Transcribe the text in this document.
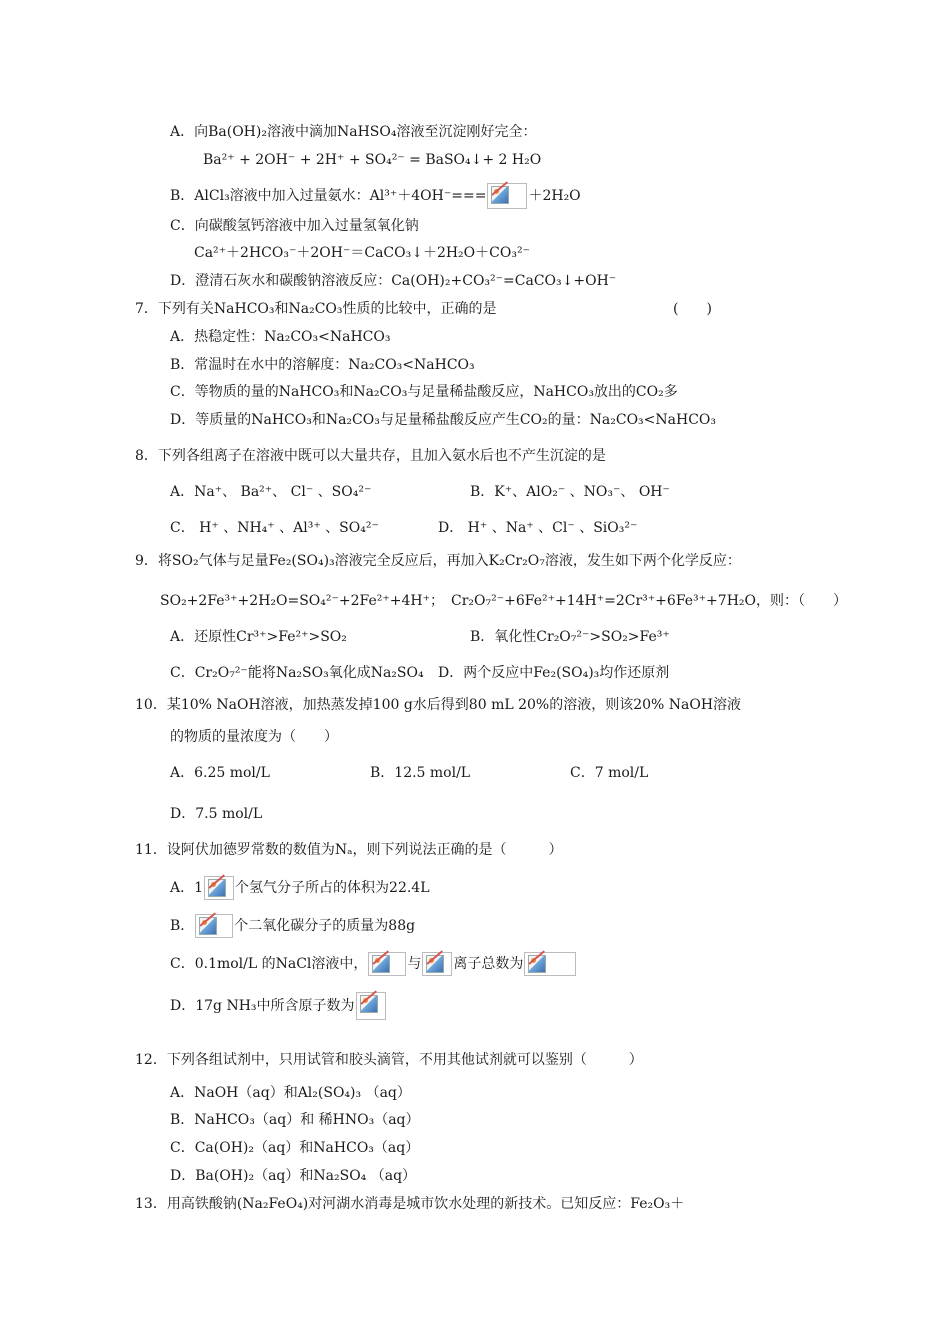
A．向Ba(OH)₂溶液中滴加NaHSO₄溶液至沉淀刚好完全：
Ba²⁺ + 2OH⁻ + 2H⁺ + SO₄²⁻ = BaSO₄↓+ 2 H₂O
B．AlCl₃溶液中加入过量氨水：Al³⁺＋4OH⁻===	＋2H₂O
C．向碳酸氢钙溶液中加入过量氢氧化钠
Ca²⁺＋2HCO₃⁻＋2OH⁻＝CaCO₃↓＋2H₂O＋CO₃²⁻
D．澄清石灰水和碳酸钠溶液反应：Ca(OH)₂+CO₃²⁻=CaCO₃↓+OH⁻
7．下列有关NaHCO₃和Na₂CO₃性质的比较中，正确的是	(　　)
A．热稳定性：Na₂CO₃<NaHCO₃
B．常温时在水中的溶解度：Na₂CO₃<NaHCO₃
C．等物质的量的NaHCO₃和Na₂CO₃与足量稀盐酸反应，NaHCO₃放出的CO₂多
D．等质量的NaHCO₃和Na₂CO₃与足量稀盐酸反应产生CO₂的量：Na₂CO₃<NaHCO₃
8．下列各组离子在溶液中既可以大量共存，且加入氨水后也不产生沉淀的是
A．Na⁺、 Ba²⁺、 Cl⁻ 、SO₄²⁻	B．K⁺、AlO₂⁻ 、NO₃⁻、 OH⁻
C． H⁺ 、NH₄⁺ 、Al³⁺ 、SO₄²⁻	D． H⁺ 、Na⁺ 、Cl⁻ 、SiO₃²⁻
9．将SO₂气体与足量Fe₂(SO₄)₃溶液完全反应后，再加入K₂Cr₂O₇溶液，发生如下两个化学反应：
SO₂+2Fe³⁺+2H₂O=SO₄²⁻+2Fe²⁺+4H⁺；　Cr₂O₇²⁻+6Fe²⁺+14H⁺=2Cr³⁺+6Fe³⁺+7H₂O，则：（　　）
A．还原性Cr³⁺>Fe²⁺>SO₂	B．氧化性Cr₂O₇²⁻>SO₂>Fe³⁺
C．Cr₂O₇²⁻能将Na₂SO₃氧化成Na₂SO₄ D．两个反应中Fe₂(SO₄)₃均作还原剂
10．某10% NaOH溶液，加热蒸发掉100 g水后得到80 mL 20%的溶液，则该20% NaOH溶液
的物质的量浓度为（　　）
A．6.25 mol/L	B．12.5 mol/L	C．7 mol/L
D．7.5 mol/L
11．设阿伏加德罗常数的数值为Nₐ，则下列说法正确的是（　　　）
A．1 个氢气分子所占的体积为22.4L
B．	个二氧化碳分子的质量为88g
C．0.1mol/L 的NaCl溶液中，	与 离子总数为
D．17g NH₃中所含原子数为
12．下列各组试剂中，只用试管和胶头滴管，不用其他试剂就可以鉴别（　　　）
A．NaOH（aq）和Al₂(SO₄)₃ （aq）
B．NaHCO₃（aq）和 稀HNO₃（aq）
C．Ca(OH)₂（aq）和NaHCO₃（aq）
D．Ba(OH)₂（aq）和Na₂SO₄ （aq）
13．用高铁酸钠(Na₂FeO₄)对河湖水消毒是城市饮水处理的新技术。已知反应：Fe₂O₃＋
